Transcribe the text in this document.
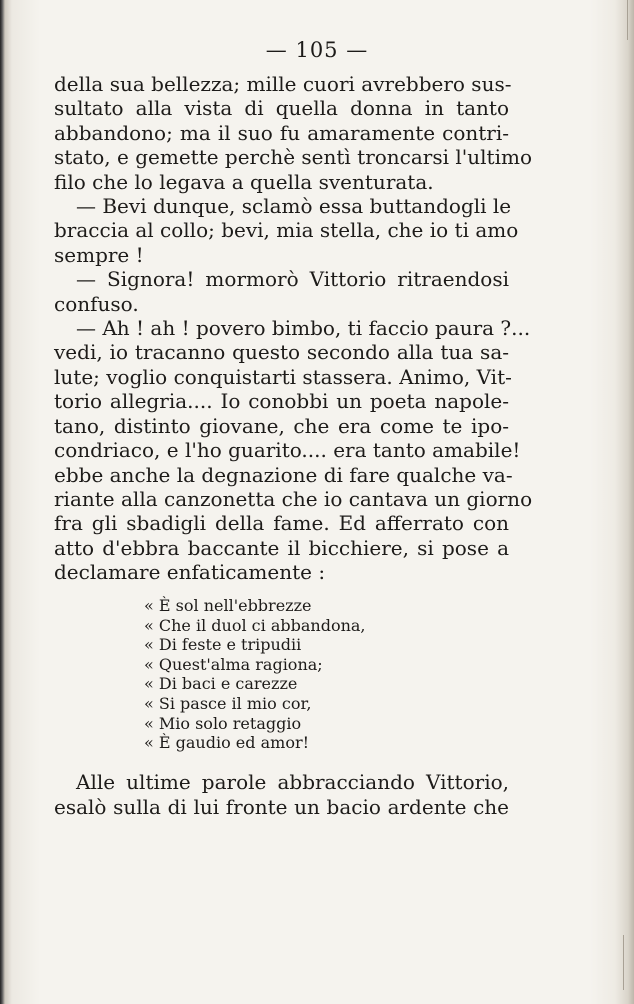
— 105 —
della sua bellezza; mille cuori avrebbero sus-
sultato alla vista di quella donna in tanto
abbandono; ma il suo fu amaramente contri-
stato, e gemette perchè sentì troncarsi l'ultimo
filo che lo legava a quella sventurata.
— Bevi dunque, sclamò essa buttandogli le
braccia al collo; bevi, mia stella, che io ti amo
sempre !
— Signora! mormorò Vittorio ritraendosi
confuso.
— Ah ! ah ! povero bimbo, ti faccio paura ?...
vedi, io tracanno questo secondo alla tua sa-
lute; voglio conquistarti stassera. Animo, Vit-
torio allegria.... Io conobbi un poeta napole-
tano, distinto giovane, che era come te ipo-
condriaco, e l'ho guarito.... era tanto amabile!
ebbe anche la degnazione di fare qualche va-
riante alla canzonetta che io cantava un giorno
fra gli sbadigli della fame. Ed afferrato con
atto d'ebbra baccante il bicchiere, si pose a
declamare enfaticamente :
« È sol nell'ebbrezze
« Che il duol ci abbandona,
« Di feste e tripudii
« Quest'alma ragiona;
« Di baci e carezze
« Si pasce il mio cor,
« Mio solo retaggio
« È gaudio ed amor!
Alle ultime parole abbracciando Vittorio,
esalò sulla di lui fronte un bacio ardente che
